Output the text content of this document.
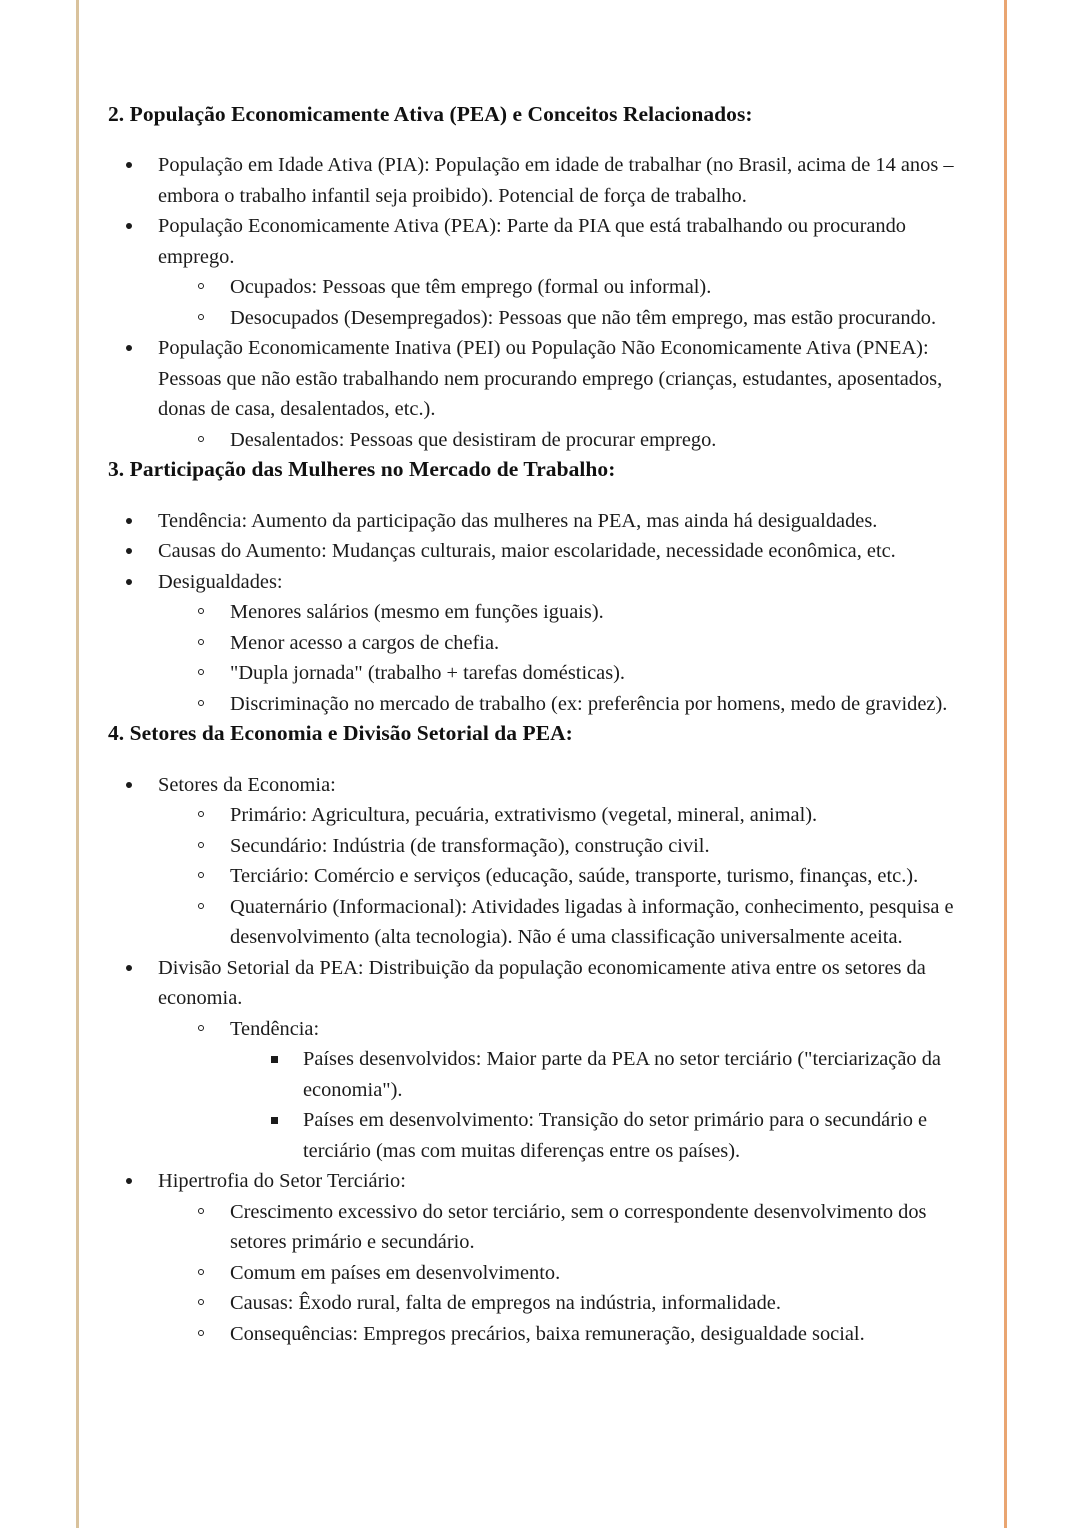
2. População Economicamente Ativa (PEA) e Conceitos Relacionados:
População em Idade Ativa (PIA): População em idade de trabalhar (no Brasil, acima de 14 anos – embora o trabalho infantil seja proibido). Potencial de força de trabalho.
População Economicamente Ativa (PEA): Parte da PIA que está trabalhando ou procurando emprego.
Ocupados: Pessoas que têm emprego (formal ou informal).
Desocupados (Desempregados): Pessoas que não têm emprego, mas estão procurando.
População Economicamente Inativa (PEI) ou População Não Economicamente Ativa (PNEA): Pessoas que não estão trabalhando nem procurando emprego (crianças, estudantes, aposentados, donas de casa, desalentados, etc.).
Desalentados: Pessoas que desistiram de procurar emprego.
3. Participação das Mulheres no Mercado de Trabalho:
Tendência: Aumento da participação das mulheres na PEA, mas ainda há desigualdades.
Causas do Aumento: Mudanças culturais, maior escolaridade, necessidade econômica, etc.
Desigualdades:
Menores salários (mesmo em funções iguais).
Menor acesso a cargos de chefia.
"Dupla jornada" (trabalho + tarefas domésticas).
Discriminação no mercado de trabalho (ex: preferência por homens, medo de gravidez).
4. Setores da Economia e Divisão Setorial da PEA:
Setores da Economia:
Primário: Agricultura, pecuária, extrativismo (vegetal, mineral, animal).
Secundário: Indústria (de transformação), construção civil.
Terciário: Comércio e serviços (educação, saúde, transporte, turismo, finanças, etc.).
Quaternário (Informacional): Atividades ligadas à informação, conhecimento, pesquisa e desenvolvimento (alta tecnologia). Não é uma classificação universalmente aceita.
Divisão Setorial da PEA: Distribuição da população economicamente ativa entre os setores da economia.
Tendência:
Países desenvolvidos: Maior parte da PEA no setor terciário ("terciarização da economia").
Países em desenvolvimento: Transição do setor primário para o secundário e terciário (mas com muitas diferenças entre os países).
Hipertrofia do Setor Terciário:
Crescimento excessivo do setor terciário, sem o correspondente desenvolvimento dos setores primário e secundário.
Comum em países em desenvolvimento.
Causas: Êxodo rural, falta de empregos na indústria, informalidade.
Consequências: Empregos precários, baixa remuneração, desigualdade social.
